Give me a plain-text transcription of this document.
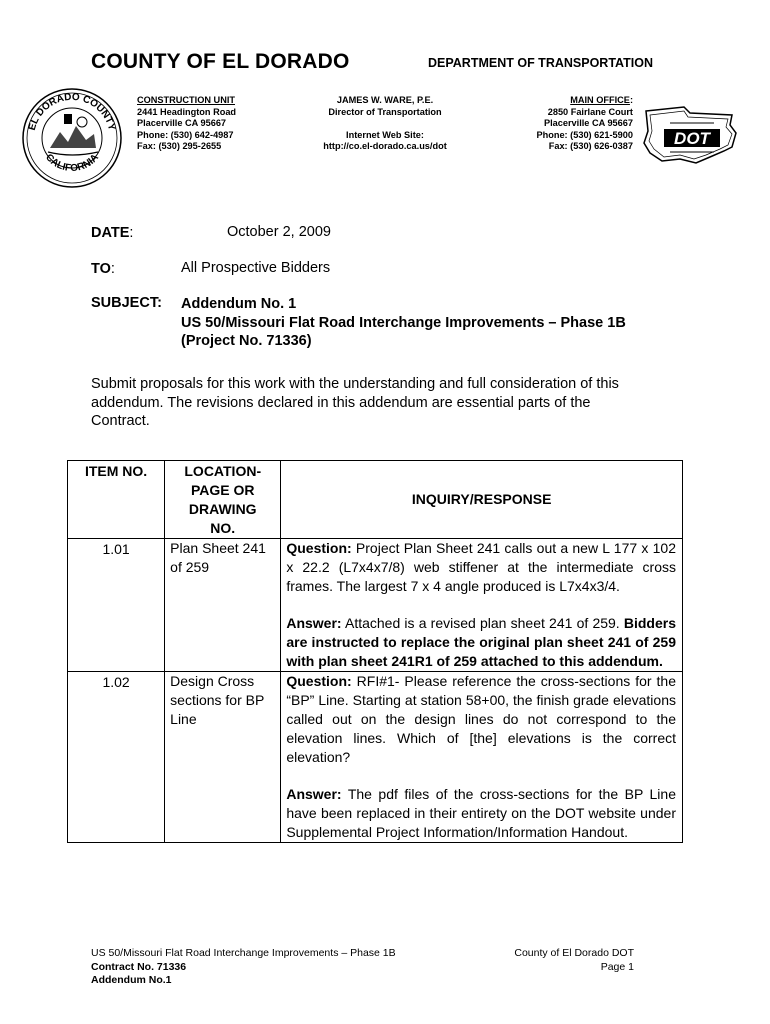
COUNTY OF EL DORADO	DEPARTMENT OF TRANSPORTATION
EL DORADO COUNTY
CALIFORNIA
CONSTRUCTION UNIT
2441 Headington Road
Placerville CA 95667
Phone: (530) 642-4987
Fax: (530) 295-2655
JAMES W. WARE, P.E.
Director of Transportation

Internet Web Site:
http://co.el-dorado.ca.us/dot
MAIN OFFICE:
2850 Fairlane Court
Placerville CA 95667
Phone: (530) 621-5900
Fax: (530) 626-0387 DOT
DATE:	October 2, 2009
TO:	All Prospective Bidders
SUBJECT: Addendum No. 1
US 50/Missouri Flat Road Interchange Improvements – Phase 1B
(Project No. 71336)
Submit proposals for this work with the understanding and full consideration of this addendum. The revisions declared in this addendum are essential parts of the Contract.
ITEM NO.	LOCATION-PAGE OR DRAWING NO.	INQUIRY/RESPONSE
1.01	Plan Sheet 241 of 259	Question: Project Plan Sheet 241 calls out a new L 177 x 102 x 22.2 (L7x4x7/8) web stiffener at the intermediate cross frames. The largest 7 x 4 angle produced is L7x4x3/4.

Answer: Attached is a revised plan sheet 241 of 259. Bidders are instructed to replace the original plan sheet 241 of 259 with plan sheet 241R1 of 259 attached to this addendum.

1.02	Design Cross sections for BP Line	Question: RFI#1- Please reference the cross-sections for the “BP” Line. Starting at station 58+00, the finish grade elevations called out on the design lines do not correspond to the elevation lines. Which of [the] elevations is the correct elevation?

Answer: The pdf files of the cross-sections for the BP Line have been replaced in their entirety on the DOT website under Supplemental Project Information/Information Handout.

US 50/Missouri Flat Road Interchange Improvements – Phase 1B
Contract No. 71336
Addendum No.1
County of El Dorado DOT
Page 1
